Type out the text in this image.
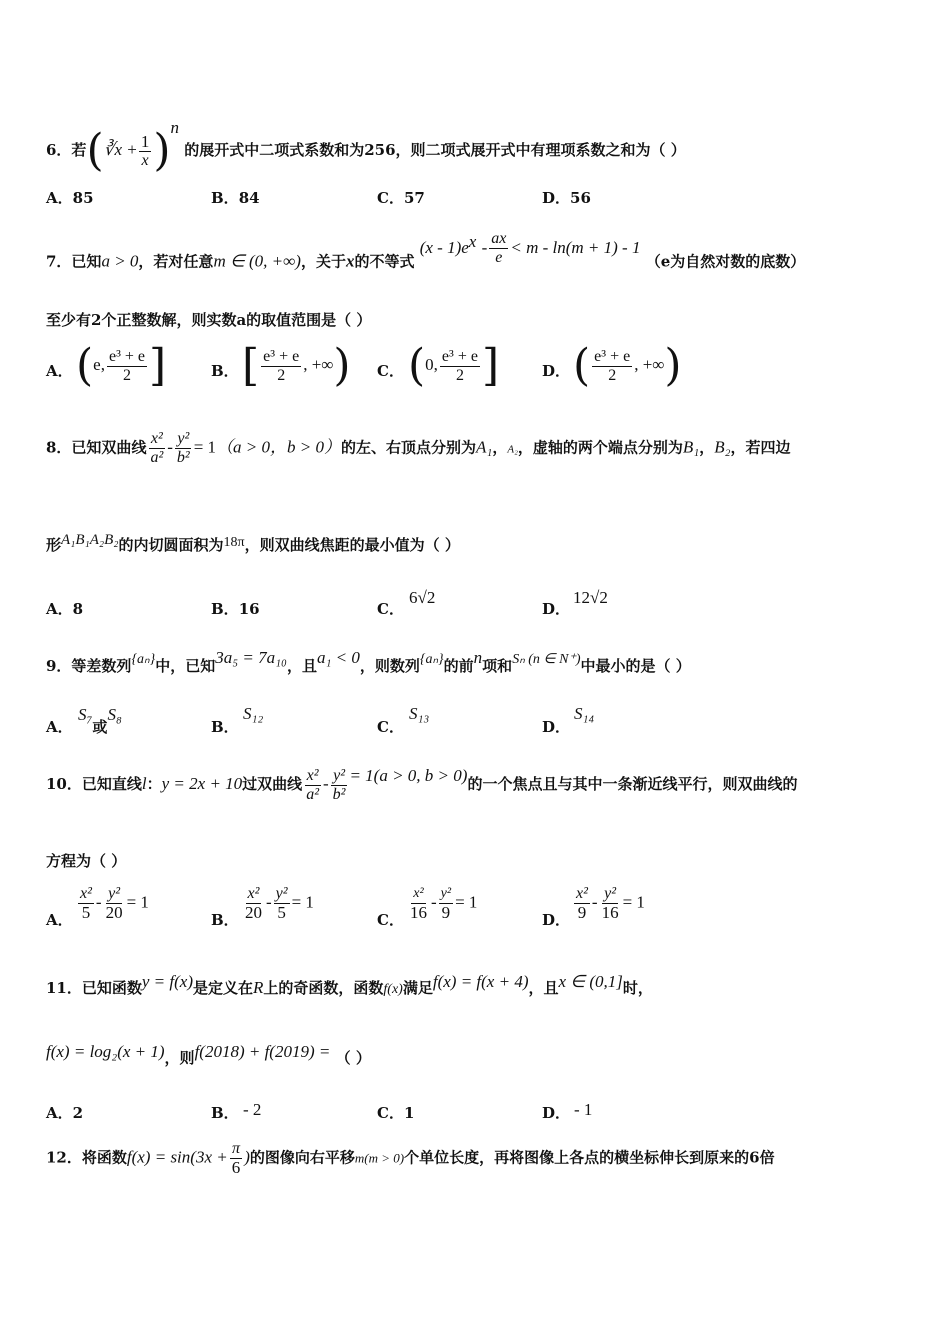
6．若(∛x + $\frac{1}{x} )^n$ 的展开式中二项式系数和为256，则二项式展开式中有理项系数之和为（ ）
A．85	B．84	C．57	D．56
7．已知a > 0，若对任意m ∈ (0, +∞)，关于x的不等式 $(x - 1)e^x - \frac{ax}{e} < m - \ln(m + 1) - 1$ （e为自然对数的底数）
至少有2个正整数解，则实数a的取值范围是（ ）
A． (e, $\frac{\text{e³ + e}}{2}$ ]	B． [ $\frac{\text{e³ + e}}{2}$ , +∞) C． (0, $\frac{\text{e³ + e}}{2}$ ]	D． ( $\frac{\text{e³ + e}}{2}$ , +∞)
8．已知双曲线 $\frac{\text{x²}}{\text{a²}} - \frac{\text{y²}}{\text{b²}} = 1(a > 0$，b > 0）的左、右顶点分别为A₁，A₂，虚轴的两个端点分别为B₁，B₂，若四边
形A₁B₁A₂B₂的内切圆面积为18π，则双曲线焦距的最小值为（ ）
A．8	B．16	C．
6√2
D．
12√2
9．等差数列{aₙ}中，已知3a₅ = 7a₁₀，且a₁ < 0，则数列{aₙ}的前n项和Sₙ (n ∈ N⁺)中最小的是（ ）
A．
S₇或S₈
B．
S₁₂
C．
S₁₃
D．
S₁₄
10．已知直线l：y = 2x + 10过双曲线 $\frac{\text{x²}}{\text{a²}} - \frac{\text{y²}}{\text{b²}} = 1(a > 0$, b > 0)的一个焦点且与其中一条渐近线平行，则双曲线的
方程为（ ）
A． $\frac{\text{x²}}{5} - \frac{\text{y²}}{20} = 1$
B． $\frac{\text{x²}}{20} - \frac{\text{y²}}{5} = 1$
C． $\frac{\text{x²}}{16} - \frac{\text{y²}}{9} = 1$
D． $\frac{\text{x²}}{9} - \frac{\text{y²}}{16} = 1$
11．已知函数y = f(x)是定义在R上的奇函数，函数f(x)满足f(x) = f(x + 4)，且x ∈ (0,1]时，
f(x) = log₂(x + 1)，则f(2018) + f(2019) = （ ）
A．2	B． - 2	C．1	D． - 1
12．将函数$f(x) = \sin(3x + \frac{\pi}{6}$ )的图像向右平移m(m > 0)个单位长度，再将图像上各点的横坐标伸长到原来的6倍
